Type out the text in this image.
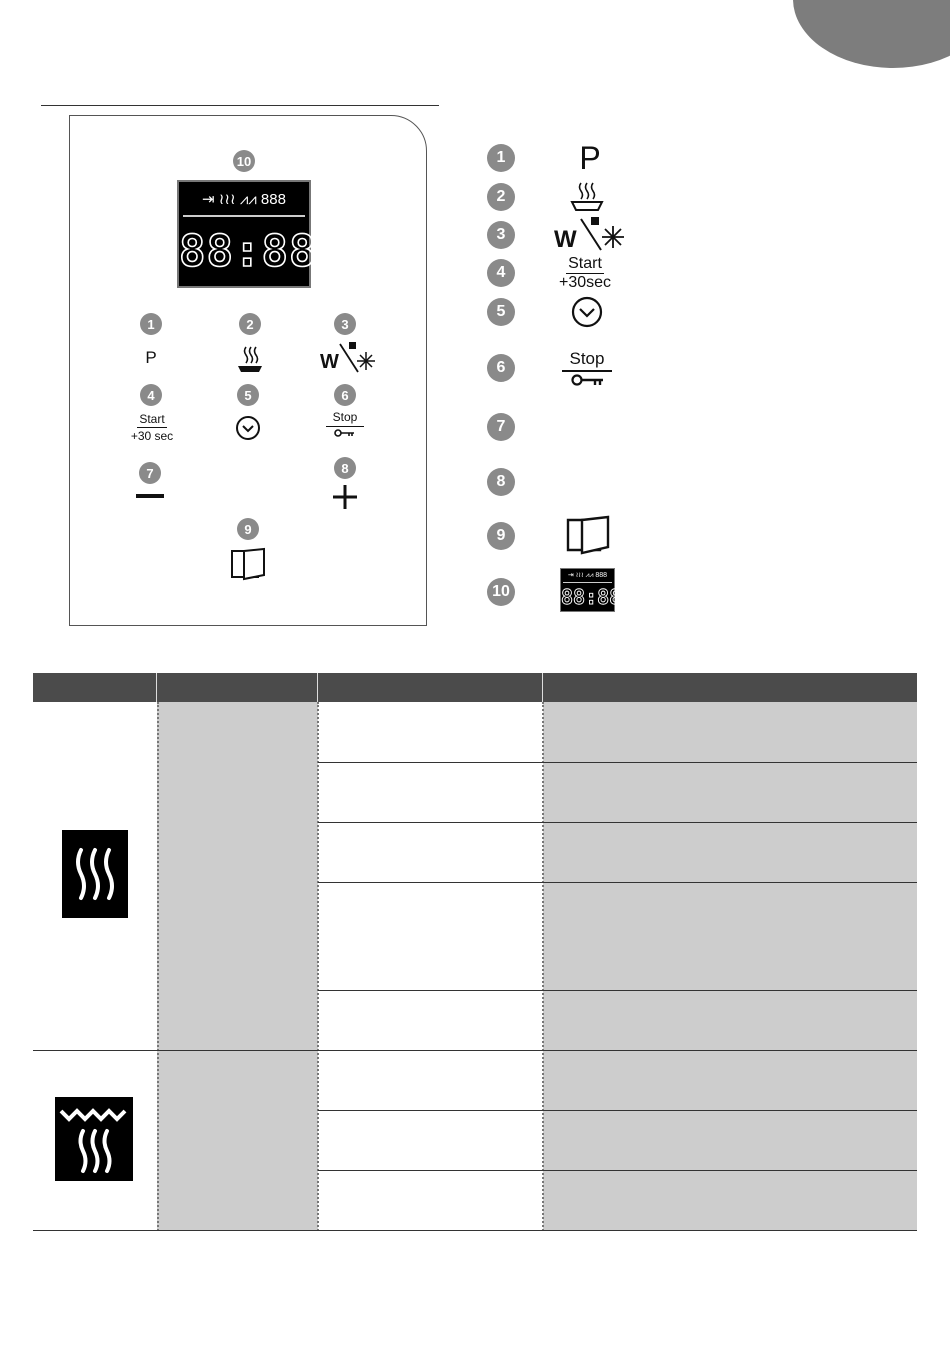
10
⇥ ≀≀≀ ⩘⩘ 888
88:88
1
P
2	3
W
4
Start
+30 sec
5	6
Stop
7	8
9
1 P
2
3	W
4
Start
+30sec
5
6	Stop
7
8
9
10
⇥ ≀≀≀ ⩘⩘ 888
88:88
